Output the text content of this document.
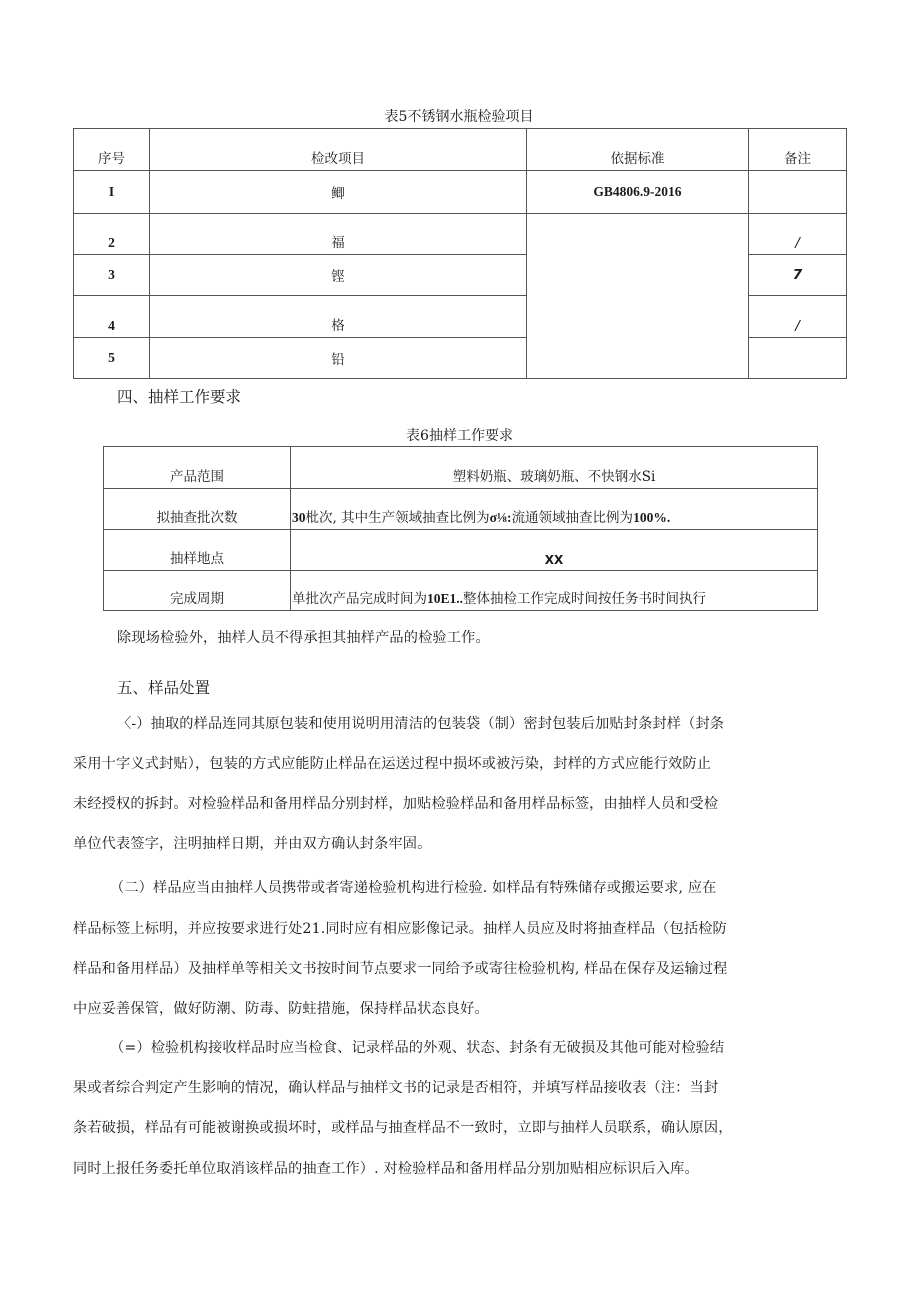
表5不锈钢水瓶检验项目
序号	检改项目	依据标准	备注
I	鲫	GB4806.9-2016	
2	福		/
3	铿		7
4	格		/
5	铅		
四、抽样工作要求
表6抽样工作要求
产品范围	塑料奶瓶、玻璃奶瓶、不快钢水Si
拟抽查批次数	30枇次, 其中生产领域抽查比例为σ⅛:流通领域抽查比例为100%.
抽样地点	XX
完成周期	单批次产品完成时间为10E1..整体抽检工作完成时间按任务书时间执行
除现场检验外，抽样人员不得承担其抽样产品的检验工作。
五、样品处置
〈-）抽取的样品连同其原包装和使用说明用清洁的包装袋（制）密封包装后加贴封条封样（封条
采用十字义式封贴），包装的方式应能防止样品在运送过程中损坏或被污染，封样的方式应能行效防止
未经授权的拆封。对检验样品和备用样品分别封样，加贴检验样品和备用样品标签，由抽样人员和受检
单位代表签字，注明抽样日期，并由双方确认封条牢固。
（二）样品应当由抽样人员携带或者寄递检验机构进行检验. 如样品有特殊储存或搬运要求, 应在
样品标签上标明，并应按要求进行处21.同时应有相应影像记录。抽样人员应及时将抽查样品（包括检防
样品和备用样品）及抽样单等相关文书按时间节点要求一同给予或寄往检验机构, 样品在保存及运输过程
中应妥善保管，做好防潮、防毒、防蛀措施，保持样品状态良好。
（=）检验机构接收样品时应当检食、记录样品的外观、状态、封条有无破损及其他可能对检验结
果或者综合判定产生影响的情况，确认样品与抽样文书的记录是否相符，并填写样品接收表（注：当封
条若破损，样品有可能被谢换或损坏时，或样品与抽查样品不一致时，立即与抽样人员联系，确认原因，
同时上报任务委托单位取消该样品的抽查工作）. 对检验样品和备用样品分别加贴相应标识后入库。
